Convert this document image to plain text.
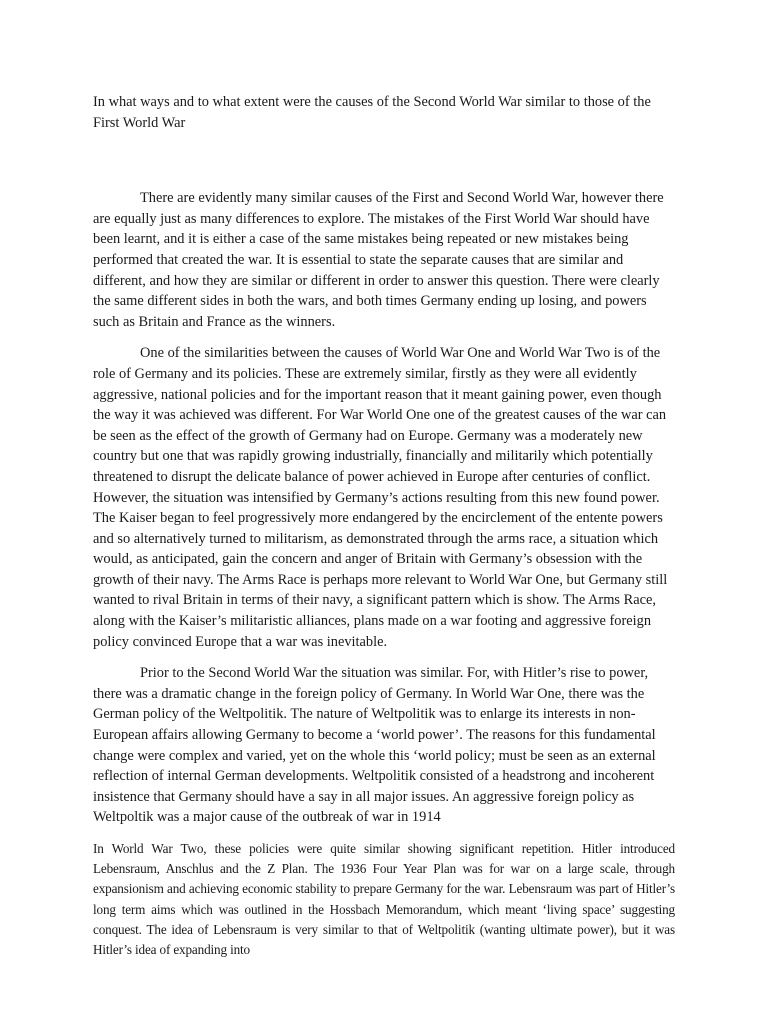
In what ways and to what extent were the causes of the Second World War similar to those of the First World War

There are evidently many similar causes of the First and Second World War, however there are equally just as many differences to explore. The mistakes of the First World War should have been learnt, and it is either a case of the same mistakes being repeated or new mistakes being performed that created the war. It is essential to state the separate causes that are similar and different, and how they are similar or different in order to answer this question. There were clearly the same different sides in both the wars, and both times Germany ending up losing, and powers such as Britain and France as the winners.

One of the similarities between the causes of World War One and World War Two is of the role of Germany and its policies. These are extremely similar, firstly as they were all evidently aggressive, national policies and for the important reason that it meant gaining power, even though the way it was achieved was different. For War World One one of the greatest causes of the war can be seen as the effect of the growth of Germany had on Europe. Germany was a moderately new country but one that was rapidly growing industrially, financially and militarily which potentially threatened to disrupt the delicate balance of power achieved in Europe after centuries of conflict. However, the situation was intensified by Germany’s actions resulting from this new found power. The Kaiser began to feel progressively more endangered by the encirclement of the entente powers and so alternatively turned to militarism, as demonstrated through the arms race, a situation which would, as anticipated, gain the concern and anger of Britain with Germany’s obsession with the growth of their navy. The Arms Race is perhaps more relevant to World War One, but Germany still wanted to rival Britain in terms of their navy, a significant pattern which is show. The Arms Race, along with the Kaiser’s militaristic alliances, plans made on a war footing and aggressive foreign policy convinced Europe that a war was inevitable.

Prior to the Second World War the situation was similar. For, with Hitler’s rise to power, there was a dramatic change in the foreign policy of Germany. In World War One, there was the German policy of the Weltpolitik. The nature of Weltpolitik was to enlarge its interests in non-European affairs allowing Germany to become a ‘world power’. The reasons for this fundamental change were complex and varied, yet on the whole this ‘world policy; must be seen as an external reflection of internal German developments. Weltpolitik consisted of a headstrong and incoherent insistence that Germany should have a say in all major issues. An aggressive foreign policy as Weltpoltik was a major cause of the outbreak of war in 1914

In World War Two, these policies were quite similar showing significant repetition. Hitler introduced Lebensraum, Anschlus and the Z Plan. The 1936 Four Year Plan was for war on a large scale, through expansionism and achieving economic stability to prepare Germany for the war. Lebensraum was part of Hitler’s long term aims which was outlined in the Hossbach Memorandum, which meant ‘living space’ suggesting conquest. The idea of Lebensraum is very similar to that of Weltpolitik (wanting ultimate power), but it was Hitler’s idea of expanding into
